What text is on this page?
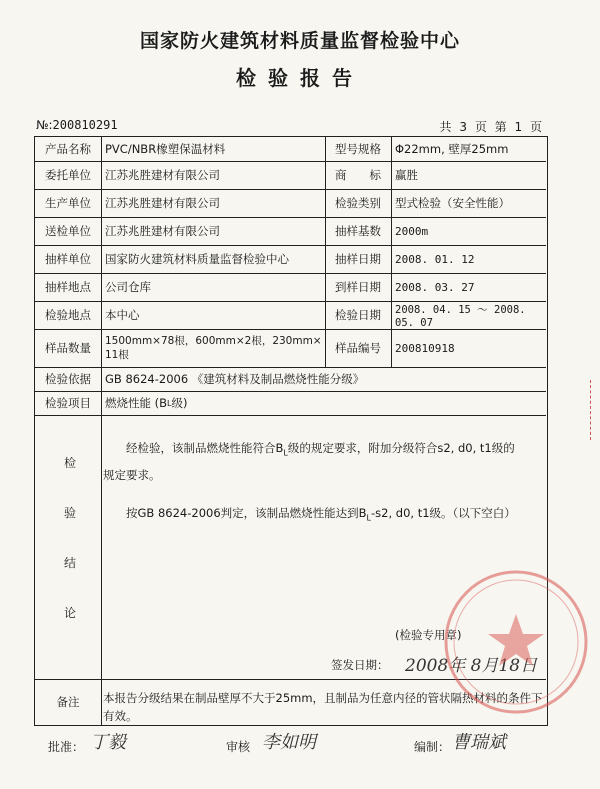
国家防火建筑材料质量监督检验中心
检验报告
№:200810291	共 3 页 第 1 页
产品名称	PVC/NBR橡塑保温材料	型号规格	Φ22mm, 壁厚25mm
委托单位	江苏兆胜建材有限公司	商　　标	赢胜
生产单位	江苏兆胜建材有限公司	检验类别	型式检验（安全性能）
送检单位	江苏兆胜建材有限公司	抽样基数	2000m
抽样单位	国家防火建筑材料质量监督检验中心	抽样日期	2008. 01. 12
抽样地点	公司仓库	到样日期	2008. 03. 27
检验地点	本中心	检验日期	2008. 04. 15 ～ 2008. 05. 07
样品数量	1500mm×78根，600mm×2根，230mm×
11根	样品编号	200810918
检验依据	GB 8624-2006 《建筑材料及制品燃烧性能分级》
检验项目	燃烧性能 (B L 级)
检
验
结
论

经检验，该制品燃烧性能符合$B_L$级的规定要求，附加分级符合s2, d0, t1级的

规定要求。

按GB 8624-2006判定，该制品燃烧性能达到$B_L-s2$, d0, t1级。（以下空白）

(检验专用章)
签发日期： 2008年 8月18日
备注	本报告分级结果在制品壁厚不大于25mm，且制品为任意内径的管状隔热材料的条件下有效。
批准： 丁毅	审核 李如明	编制： 曹瑞斌
